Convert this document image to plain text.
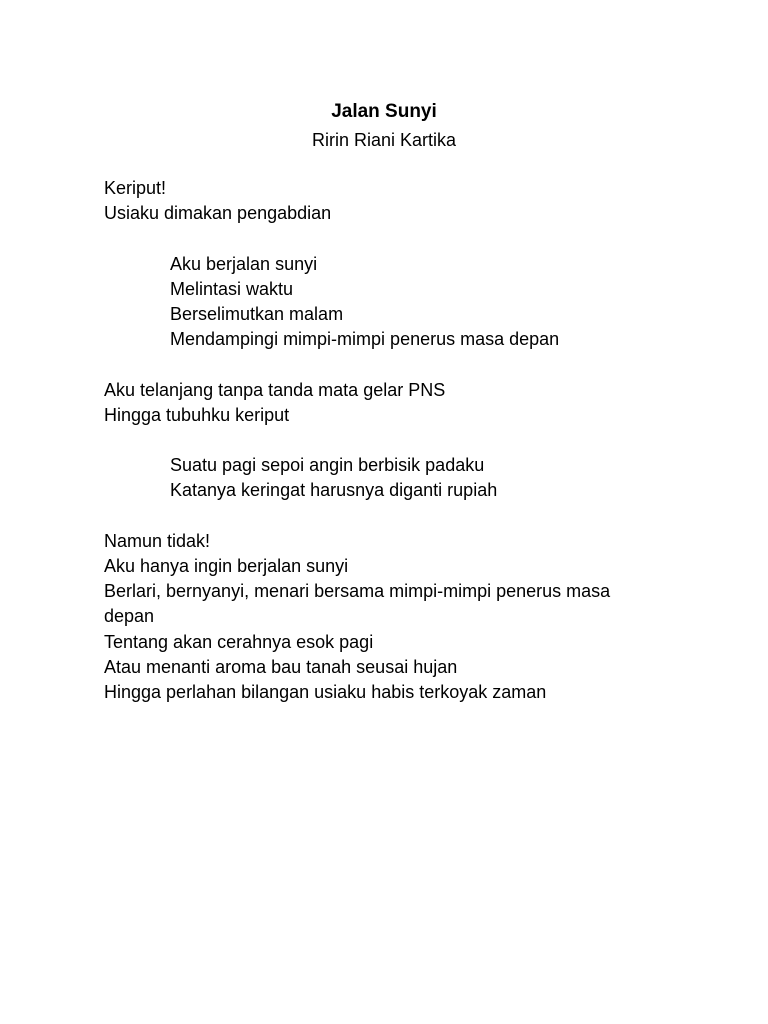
Jalan Sunyi
Ririn Riani Kartika
Keriput!
Usiaku dimakan pengabdian
Aku berjalan sunyi
Melintasi waktu
Berselimutkan malam
Mendampingi mimpi-mimpi penerus masa depan
Aku telanjang tanpa tanda mata gelar PNS
Hingga tubuhku keriput
Suatu pagi sepoi angin berbisik padaku
Katanya keringat harusnya diganti rupiah
Namun tidak!
Aku hanya ingin berjalan sunyi
Berlari, bernyanyi, menari bersama mimpi-mimpi penerus masa
depan
Tentang akan cerahnya esok pagi
Atau menanti aroma bau tanah seusai hujan
Hingga perlahan bilangan usiaku habis terkoyak zaman
